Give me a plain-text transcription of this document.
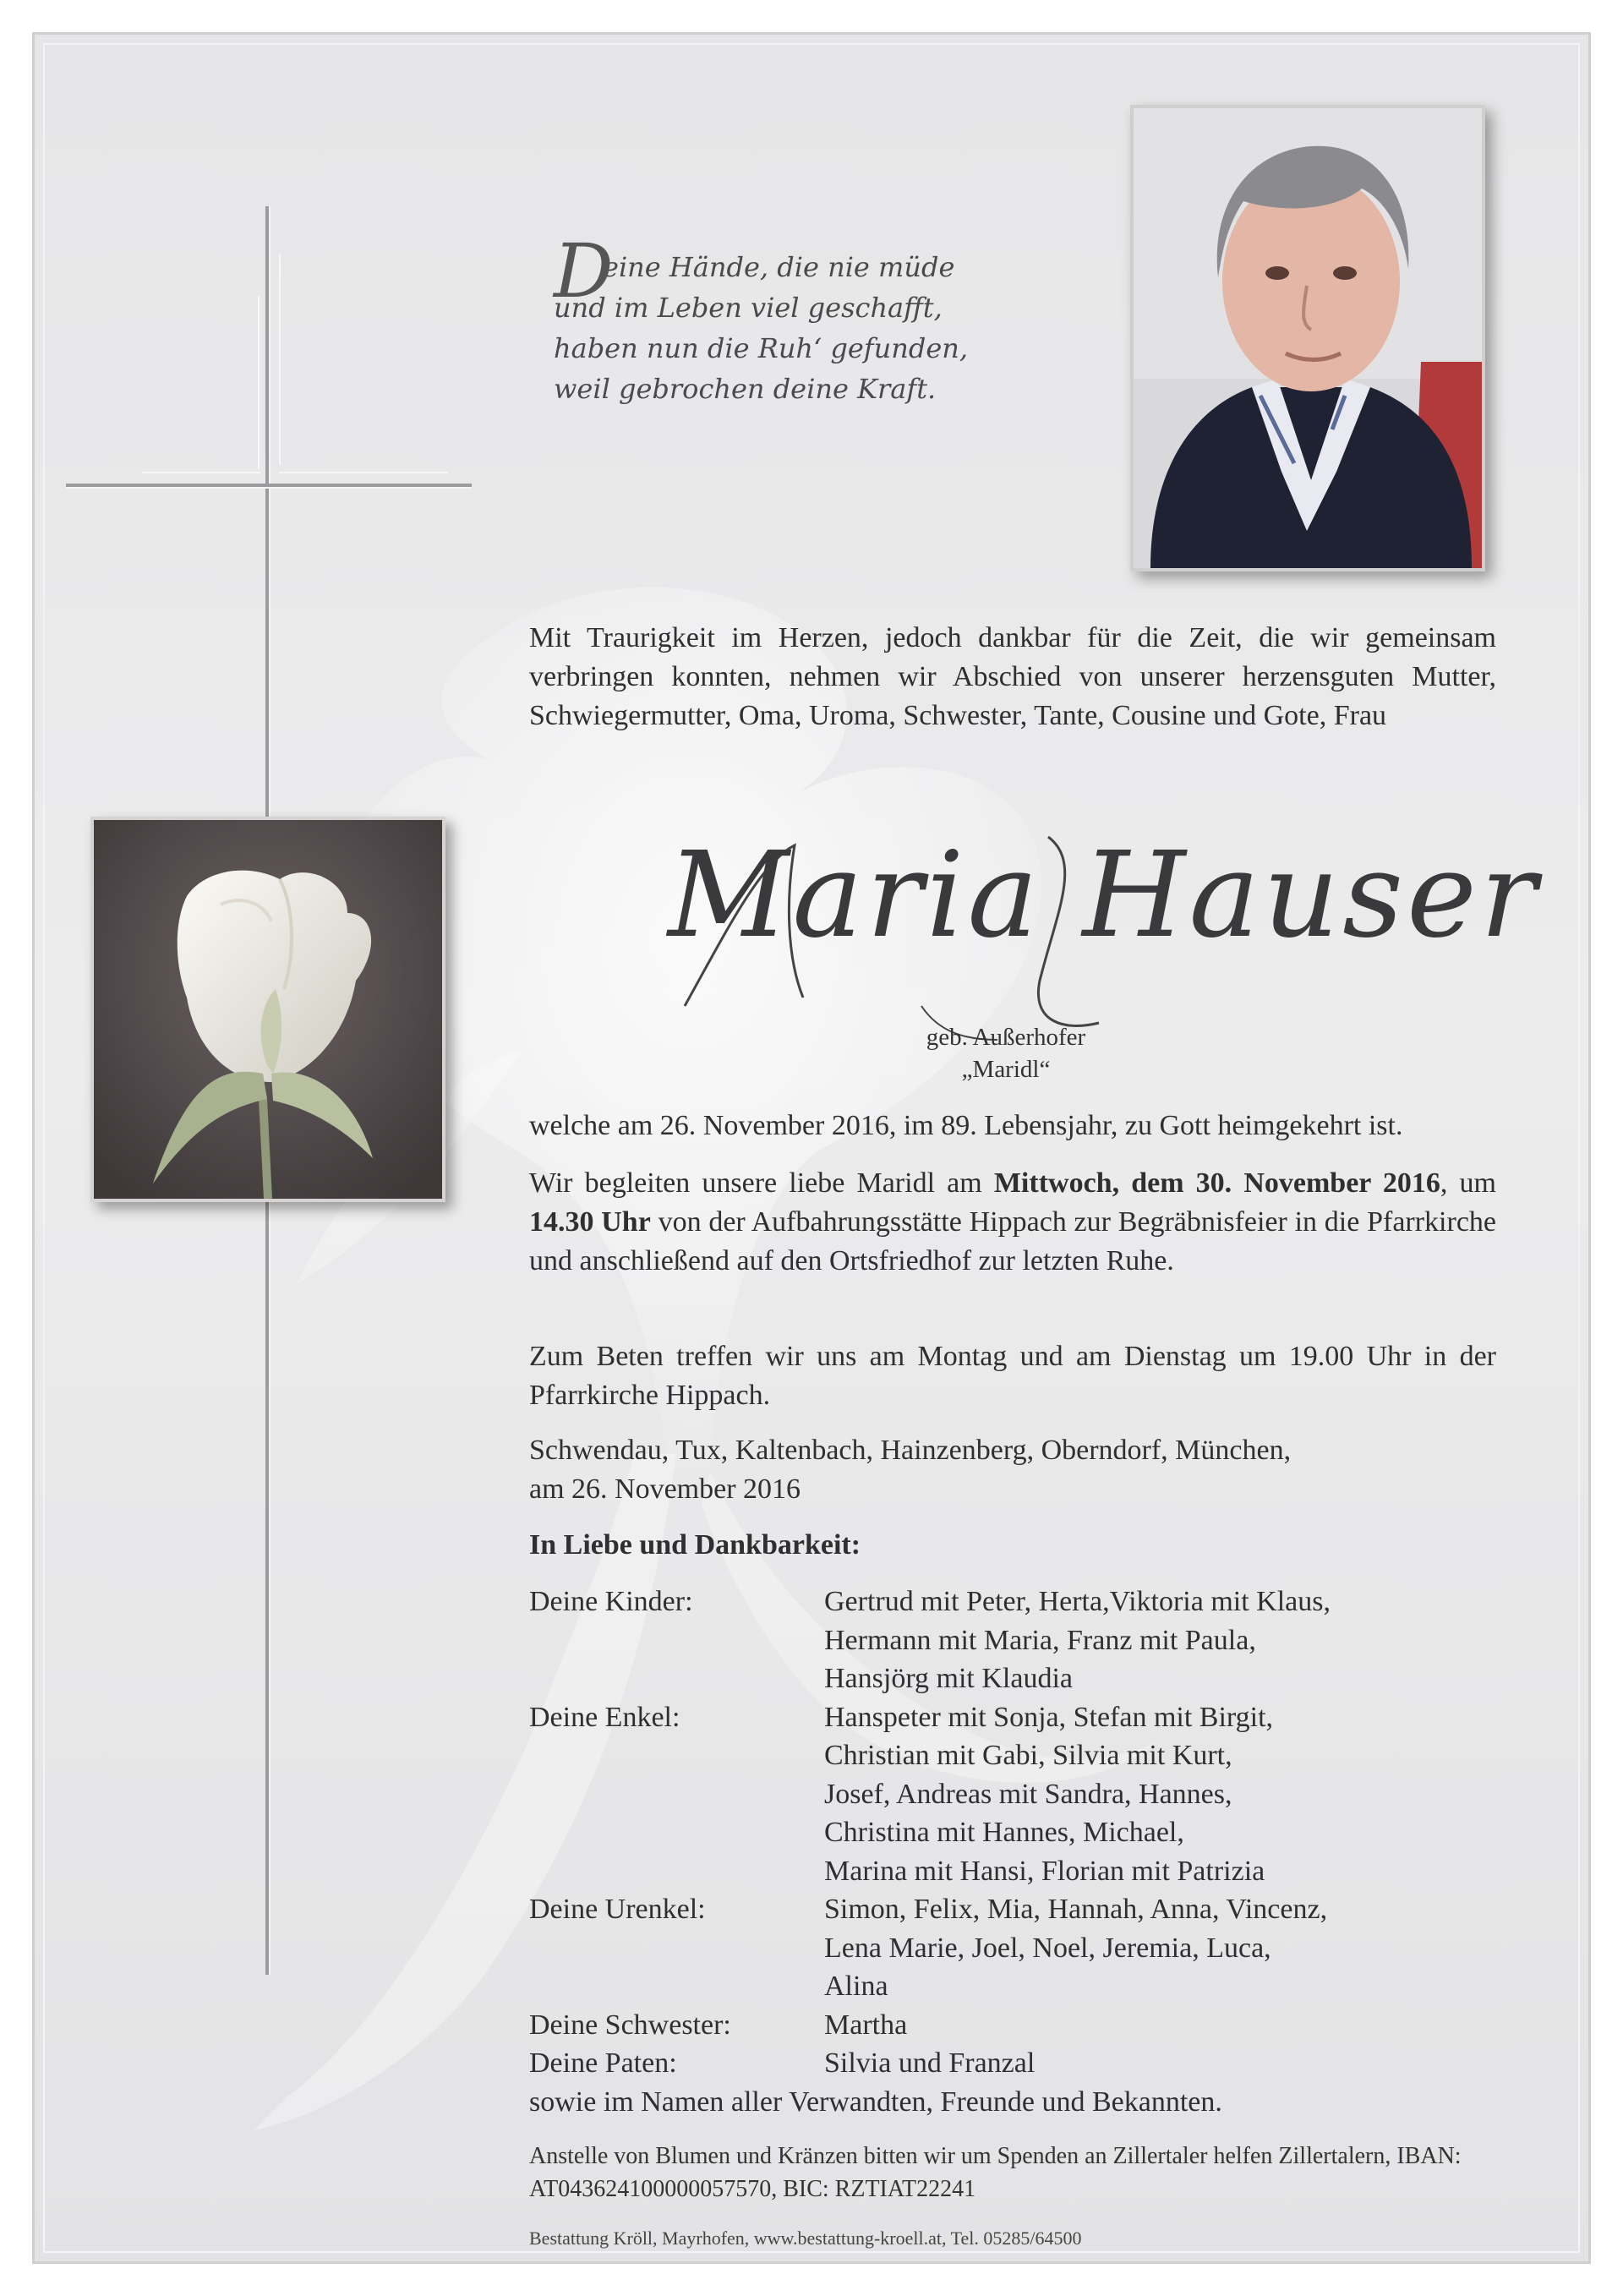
D
eine Hände, die nie müde
und im Leben viel geschafft,
haben nun die Ruh‘ gefunden,
weil gebrochen deine Kraft.
Mit Traurigkeit im Herzen, jedoch dankbar für die Zeit, die wir gemeinsam verbringen konnten, nehmen wir Abschied von unserer herzensguten Mutter, Schwiegermutter, Oma, Uroma, Schwester, Tante, Cousine und Gote, Frau
Maria Hauser
geb. Außerhofer
„Maridl“
welche am 26. November 2016, im 89. Lebensjahr, zu Gott heimgekehrt ist.
Wir begleiten unsere liebe Maridl am Mittwoch, dem 30. November 2016, um 14.30 Uhr von der Aufbahrungsstätte Hippach zur Begräbnisfeier in die Pfarrkirche und anschließend auf den Ortsfriedhof zur letzten Ruhe.
Zum Beten treffen wir uns am Montag und am Dienstag um 19.00 Uhr in der Pfarrkirche Hippach.
Schwendau, Tux, Kaltenbach, Hainzenberg, Oberndorf, München,
am 26. November 2016
In Liebe und Dankbarkeit:
Deine Kinder:	Gertrud mit Peter, Herta,Viktoria mit Klaus,
Hermann mit Maria, Franz mit Paula,
Hansjörg mit Klaudia
Deine Enkel:	Hanspeter mit Sonja, Stefan mit Birgit,
Christian mit Gabi, Silvia mit Kurt,
Josef, Andreas mit Sandra, Hannes,
Christina mit Hannes, Michael,
Marina mit Hansi, Florian mit Patrizia
Deine Urenkel:	Simon, Felix, Mia, Hannah, Anna, Vincenz,
Lena Marie, Joel, Noel, Jeremia, Luca,
Alina
Deine Schwester:	Martha
Deine Paten:	Silvia und Franzal
sowie im Namen aller Verwandten, Freunde und Bekannten.
Anstelle von Blumen und Kränzen bitten wir um Spenden an Zillertaler helfen Zillertalern, IBAN: AT043624100000057570, BIC: RZTIAT22241
Bestattung Kröll, Mayrhofen, www.bestattung-kroell.at, Tel. 05285/64500
